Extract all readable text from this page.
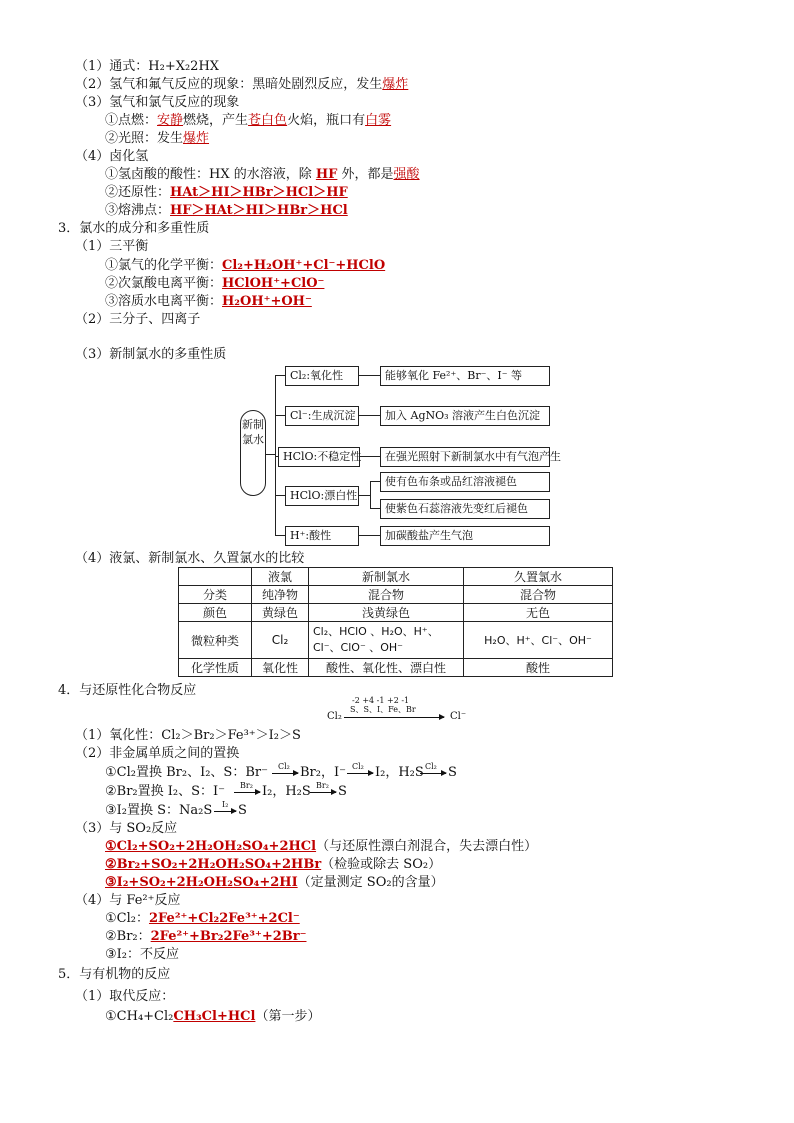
（1）通式：H₂+X₂2HX
（2）氢气和氟气反应的现象：黑暗处剧烈反应，发生爆炸
（3）氢气和氯气反应的现象
①点燃：安静燃烧，产生苍白色火焰，瓶口有白雾
②光照：发生爆炸
（4）卤化氢
①氢卤酸的酸性：HX 的水溶液，除 HF 外，都是强酸
②还原性：HAt＞HI＞HBr＞HCl＞HF
③熔沸点：HF＞HAt＞HI＞HBr＞HCl
3．氯水的成分和多重性质
（1）三平衡
①氯气的化学平衡：Cl₂+H₂OH⁺+Cl⁻+HClO
②次氯酸电离平衡：HClOH⁺+ClO⁻
③溶质水电离平衡：H₂OH⁺+OH⁻
（2）三分子、四离子
（3）新制氯水的多重性质
新制氯水
Cl₂:氧化性	能够氧化 Fe²⁺、Br⁻、I⁻ 等
Cl⁻:生成沉淀	加入 AgNO₃ 溶液产生白色沉淀
HClO:不稳定性	在强光照射下新制氯水中有气泡产生
HClO:漂白性
使有色布条或品红溶液褪色
使紫色石蕊溶液先变红后褪色
H⁺:酸性	加碳酸盐产生气泡
（4）液氯、新制氯水、久置氯水的比较
	液氯	新制氯水	久置氯水
分类	纯净物	混合物	混合物
颜色	黄绿色	浅黄绿色	无色
微粒种类	Cl₂	Cl₂、HClO 、H₂O、H⁺、Cl⁻、ClO⁻ 、OH⁻	H₂O、H⁺、Cl⁻、OH⁻
化学性质	氧化性	酸性、氧化性、漂白性	酸性
4．与还原性化合物反应
Cl₂
-2 +4 -1 +2 -1
S、S、I、Fe、Br
Cl⁻
（1）氧化性：Cl₂＞Br₂＞Fe³⁺＞I₂＞S
（2）非金属单质之间的置换
①Cl₂置换 Br₂、I₂、S：Br⁻ Cl₂ Br₂，I⁻ Cl₂ I₂，H₂S Cl₂ S
②Br₂置换 I₂、S：I⁻ Br₂ I₂，H₂S Br₂ S
③I₂置换 S：Na₂S I₂ S
（3）与 SO₂反应
①Cl₂+SO₂+2H₂OH₂SO₄+2HCl（与还原性漂白剂混合，失去漂白性）
②Br₂+SO₂+2H₂OH₂SO₄+2HBr（检验或除去 SO₂）
③I₂+SO₂+2H₂OH₂SO₄+2HI（定量测定 SO₂的含量）
（4）与 Fe²⁺反应
①Cl₂：2Fe²⁺+Cl₂2Fe³⁺+2Cl⁻
②Br₂：2Fe²⁺+Br₂2Fe³⁺+2Br⁻
③I₂：不反应
5．与有机物的反应
（1）取代反应：
①CH₄+Cl₂CH₃Cl+HCl（第一步）
